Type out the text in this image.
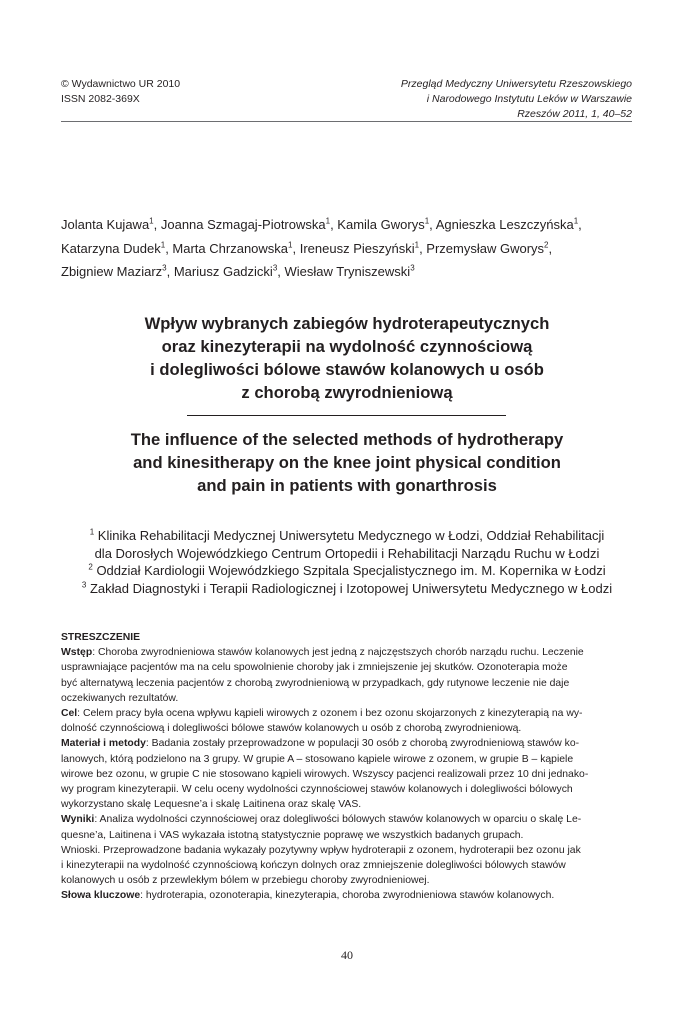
© Wydawnictwo UR 2010
ISSN 2082-369X
Przegląd Medyczny Uniwersytetu Rzeszowskiego
i Narodowego Instytutu Leków w Warszawie
Rzeszów 2011, 1, 40–52
Jolanta Kujawa$^1$, Joanna Szmagaj-Piotrowska$^1$, Kamila Gworys$^1$, Agnieszka Leszczyńska$^1$,
Katarzyna Dudek$^1$, Marta Chrzanowska$^1$, Ireneusz Pieszyński$^1$, Przemysław Gworys$^2$,
Zbigniew Maziarz$^3$, Mariusz Gadzicki$^3$, Wiesław Tryniszewski$^3$
Wpływ wybranych zabiegów hydroterapeutycznych
oraz kinezyterapii na wydolność czynnościową
i dolegliwości bólowe stawów kolanowych u osób
z chorobą zwyrodnieniową
The influence of the selected methods of hydrotherapy
and kinesitherapy on the knee joint physical condition
and pain in patients with gonarthrosis
$^1$ Klinika Rehabilitacji Medycznej Uniwersytetu Medycznego w Łodzi, Oddział Rehabilitacji
dla Dorosłych Wojewódzkiego Centrum Ortopedii i Rehabilitacji Narządu Ruchu w Łodzi
$^2$ Oddział Kardiologii Wojewódzkiego Szpitala Specjalistycznego im. M. Kopernika w Łodzi
$^3$ Zakład Diagnostyki i Terapii Radiologicznej i Izotopowej Uniwersytetu Medycznego w Łodzi
STRESZCZENIE
Wstęp: Choroba zwyrodnieniowa stawów kolanowych jest jedną z najczęstszych chorób narządu ruchu. Leczenie
usprawniające pacjentów ma na celu spowolnienie choroby jak i zmniejszenie jej skutków. Ozonoterapia może
być alternatywą leczenia pacjentów z chorobą zwyrodnieniową w przypadkach, gdy rutynowe leczenie nie daje
oczekiwanych rezultatów.
Cel: Celem pracy była ocena wpływu kąpieli wirowych z ozonem i bez ozonu skojarzonych z kinezyterapią na wy-
dolność czynnościową i dolegliwości bólowe stawów kolanowych u osób z chorobą zwyrodnieniową.
Materiał i metody: Badania zostały przeprowadzone w populacji 30 osób z chorobą zwyrodnieniową stawów ko-
lanowych, którą podzielono na 3 grupy. W grupie A – stosowano kąpiele wirowe z ozonem, w grupie B – kąpiele
wirowe bez ozonu, w grupie C nie stosowano kąpieli wirowych. Wszyscy pacjenci realizowali przez 10 dni jednako-
wy program kinezyterapii. W celu oceny wydolności czynnościowej stawów kolanowych i dolegliwości bólowych
wykorzystano skalę Lequesne’a i skalę Laitinena oraz skalę VAS.
Wyniki: Analiza wydolności czynnościowej oraz dolegliwości bólowych stawów kolanowych w oparciu o skalę Le-
quesne’a, Laitinena i VAS wykazała istotną statystycznie poprawę we wszystkich badanych grupach.
Wnioski. Przeprowadzone badania wykazały pozytywny wpływ hydroterapii z ozonem, hydroterapii bez ozonu jak
i kinezyterapii na wydolność czynnościową kończyn dolnych oraz zmniejszenie dolegliwości bólowych stawów
kolanowych u osób z przewlekłym bólem w przebiegu choroby zwyrodnieniowej.
Słowa kluczowe: hydroterapia, ozonoterapia, kinezyterapia, choroba zwyrodnieniowa stawów kolanowych.
40
